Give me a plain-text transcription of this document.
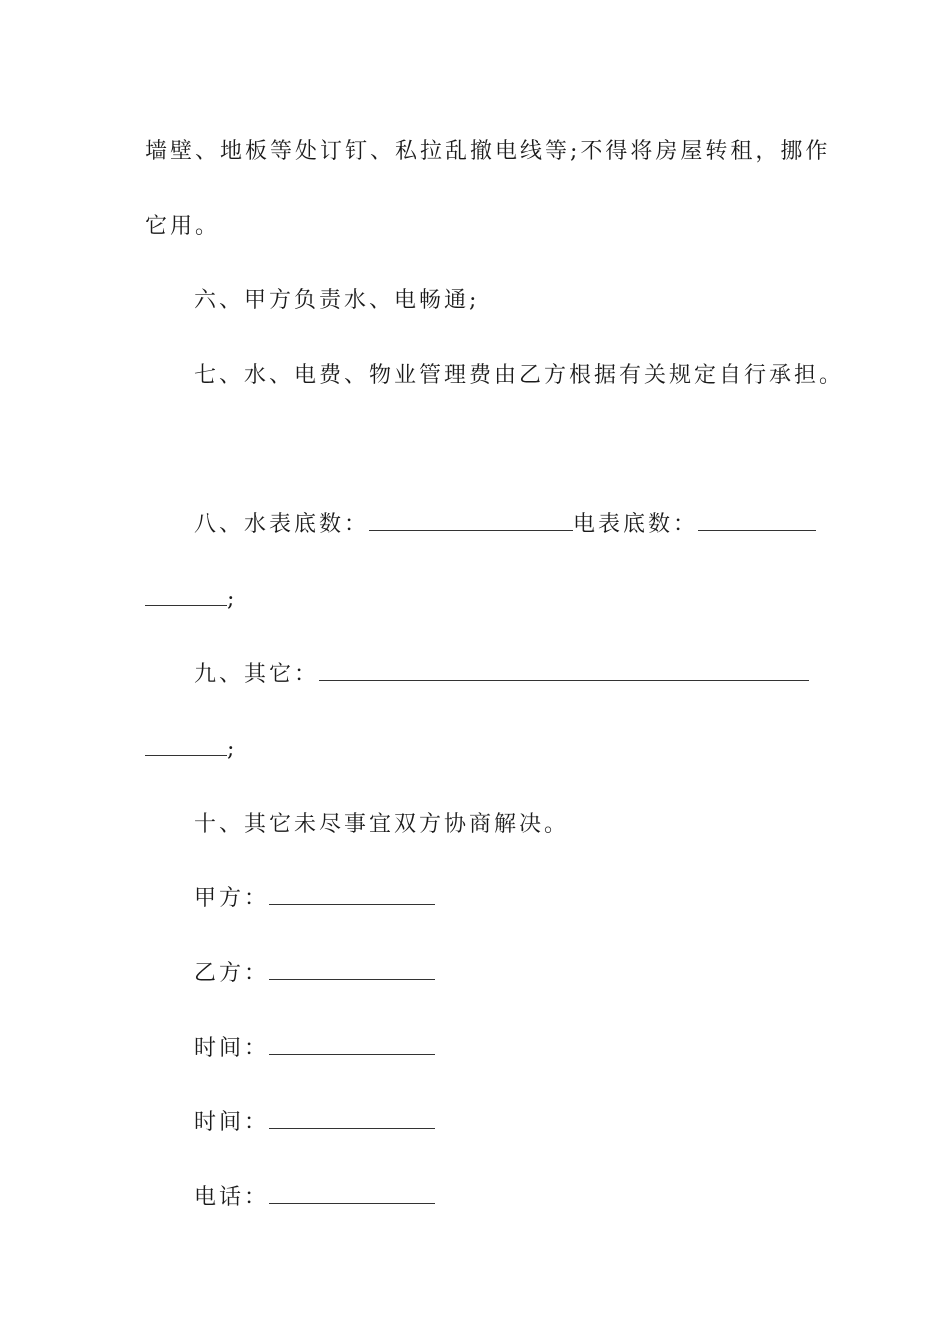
墙壁、地板等处订钉、私拉乱撤电线等;不得将房屋转租，挪作
它用。
六、甲方负责水、电畅通;
七、水、电费、物业管理费由乙方根据有关规定自行承担。
八、水表底数：	电表底数：
;
九、其它：
;
十、其它未尽事宜双方协商解决。
甲方：
乙方：
时间：
时间：
电话：
